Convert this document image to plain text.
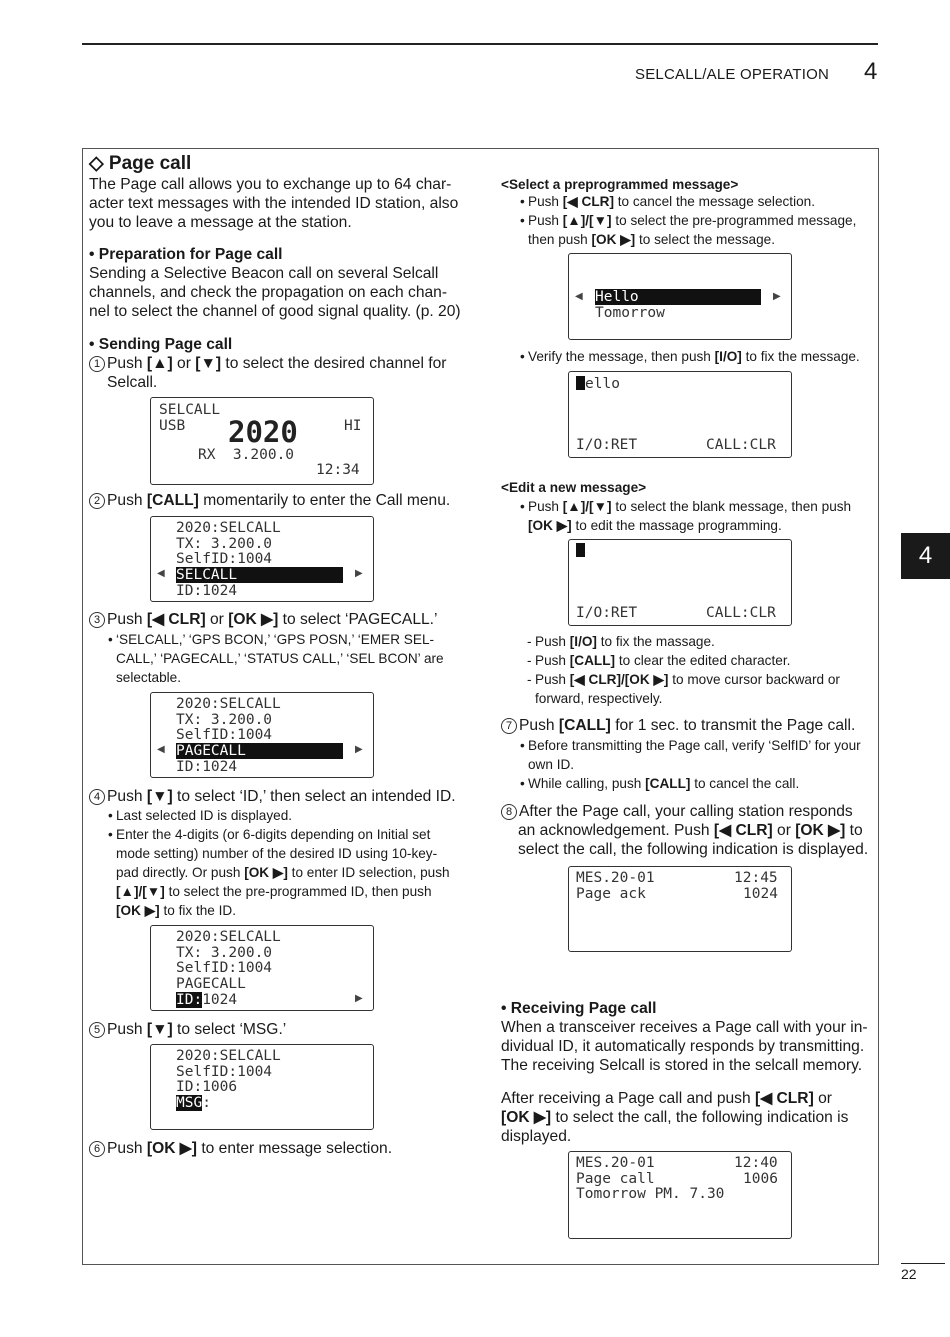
SELCALL/ALE OPERATION 4
4
22
◇ Page call
The Page call allows you to exchange up to 64 char-
acter text messages with the intended ID station, also
you to leave a message at the station.
• Preparation for Page call
Sending a Selective Beacon call on several Selcall
channels, and check the propagation on each chan-
nel to select the channel of good signal quality. (p. 20)
• Sending Page call
1 Push [▲] or [▼] to select the desired channel for
Selcall.
SELCALL
USB 2020	HI
RX  3.200.0
12:34
2 Push [CALL] momentarily to enter the Call menu.
2020:SELCALL
TX: 3.200.0
SelfID:1004
◀ SELCALL	▶
ID:1024
3 Push [◀ CLR] or [OK ▶] to select ‘PAGECALL.’
• ‘SELCALL,’ ‘GPS BCON,’ ‘GPS POSN,’ ‘EMER SEL-
CALL,’ ‘PAGECALL,’ ‘STATUS CALL,’ ‘SEL BCON’ are
selectable.
2020:SELCALL
TX: 3.200.0
SelfID:1004
◀ PAGECALL	▶
ID:1024
4 Push [▼] to select ‘ID,’ then select an intended ID.
• Last selected ID is displayed.
• Enter the 4-digits (or 6-digits depending on Initial set
mode setting) number of the desired ID using 10-key-
pad directly. Or push [OK ▶] to enter ID selection, push
[▲]/[▼] to select the pre-programmed ID, then push
[OK ▶] to fix the ID.
2020:SELCALL
TX: 3.200.0
SelfID:1004
PAGECALL
ID:1024	▶
5 Push [▼] to select ‘MSG.’
2020:SELCALL
SelfID:1004
ID:1006
MSG:
6 Push [OK ▶] to enter message selection.
<Select a preprogrammed message>
• Push [◀ CLR] to cancel the message selection.
• Push [▲]/[▼] to select the pre-programmed message,
then push [OK ▶] to select the message.
◀ Hello	▶
Tomorrow
• Verify the message, then push [I/O] to fix the message.
ello
I/O:RET	CALL:CLR
<Edit a new message>
• Push [▲]/[▼] to select the blank message, then push
[OK ▶] to edit the massage programming.
I/O:RET	CALL:CLR
- Push [I/O] to fix the massage.
- Push [CALL] to clear the edited character.
- Push [◀ CLR]/[OK ▶] to move cursor backward or
forward, respectively.
7 Push [CALL] for 1 sec. to transmit the Page call.
• Before transmitting the Page call, verify ‘SelfID’ for your
own ID.
• While calling, push [CALL] to cancel the call.
8 After the Page call, your calling station responds
an acknowledgement. Push [◀ CLR] or [OK ▶] to
select the call, the following indication is displayed.
MES.20-01	12:45
Page ack	1024
• Receiving Page call
When a transceiver receives a Page call with your in-
dividual ID, it automatically responds by transmitting.
The receiving Selcall is stored in the selcall memory.
After receiving a Page call and push [◀ CLR] or
[OK ▶] to select the call, the following indication is
displayed.
MES.20-01	12:40
Page call	1006
Tomorrow PM. 7.30
